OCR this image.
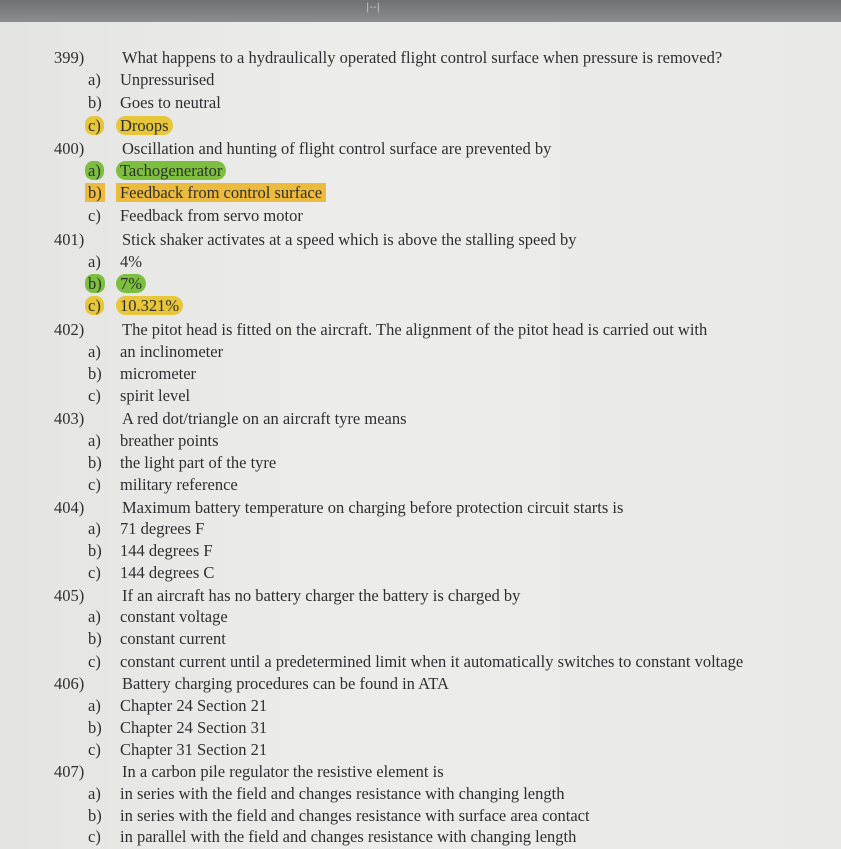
|--|
399) What happens to a hydraulically operated flight control surface when pressure is removed?
a) Unpressurised
b) Goes to neutral
c) Droops
400) Oscillation and hunting of flight control surface are prevented by
a) Tachogenerator
b) Feedback from control surface
c) Feedback from servo motor
401) Stick shaker activates at a speed which is above the stalling speed by
a) 4%
b) 7%
c) 10.321%
402) The pitot head is fitted on the aircraft. The alignment of the pitot head is carried out with
a) an inclinometer
b) micrometer
c) spirit level
403) A red dot/triangle on an aircraft tyre means
a) breather points
b) the light part of the tyre
c) military reference
404) Maximum battery temperature on charging before protection circuit starts is
a) 71 degrees F
b) 144 degrees F
c) 144 degrees C
405) If an aircraft has no battery charger the battery is charged by
a) constant voltage
b) constant current
c) constant current until a predetermined limit when it automatically switches to constant voltage
406) Battery charging procedures can be found in ATA
a) Chapter 24 Section 21
b) Chapter 24 Section 31
c) Chapter 31 Section 21
407) In a carbon pile regulator the resistive element is
a) in series with the field and changes resistance with changing length
b) in series with the field and changes resistance with surface area contact
c) in parallel with the field and changes resistance with changing length
